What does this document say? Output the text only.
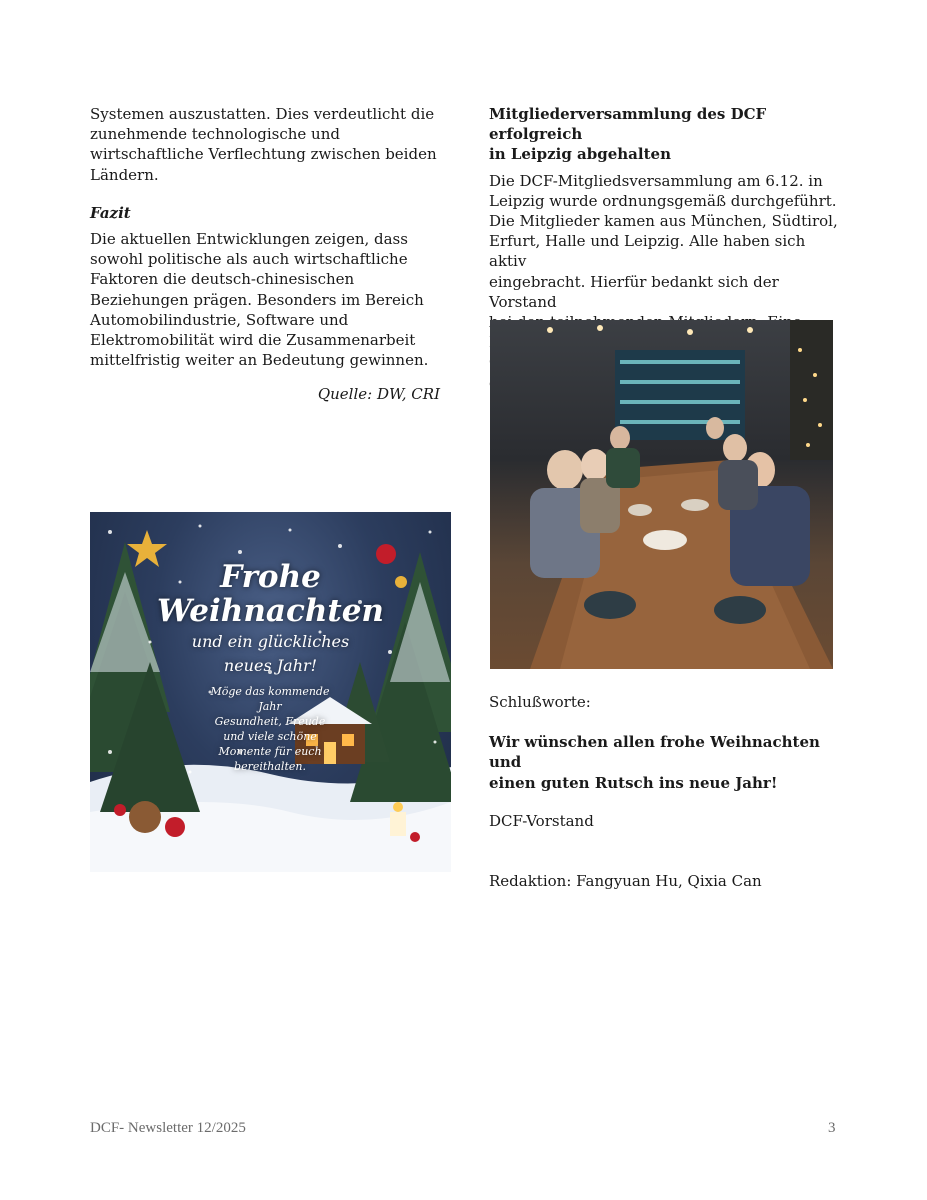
Systemen auszustatten. Dies verdeutlicht die

zunehmende technologische und

wirtschaftliche Verflechtung zwischen beiden

Ländern.

Fazit

Die aktuellen Entwicklungen zeigen, dass

sowohl politische als auch wirtschaftliche

Faktoren die deutsch-chinesischen

Beziehungen prägen. Besonders im Bereich

Automobilindustrie, Software und

Elektromobilität wird die Zusammenarbeit

mittelfristig weiter an Bedeutung gewinnen.

Quelle: DW, CRI

Frohe
Weihnachten
und ein glückliches
neues Jahr!
Möge das kommende Jahr
Gesundheit, Freude
und viele schöne
Momente für euch
bereithalten.

Mitgliederversammlung des DCF erfolgreich
in Leipzig abgehalten

Die DCF-Mitgliedsversammlung am 6.12. in

Leipzig wurde ordnungsgemäß durchgeführt.

Die Mitglieder kamen aus München, Südtirol,

Erfurt, Halle und Leipzig. Alle haben sich aktiv

eingebracht. Hierfür bedankt sich der Vorstand

Schlußworte:

Wir wünschen allen frohe Weihnachten und

einen guten Rutsch ins neue Jahr!

DCF-Vorstand

Redaktion: Fangyuan Hu, Qixia Can

DCF- Newsletter 12/2025	3
